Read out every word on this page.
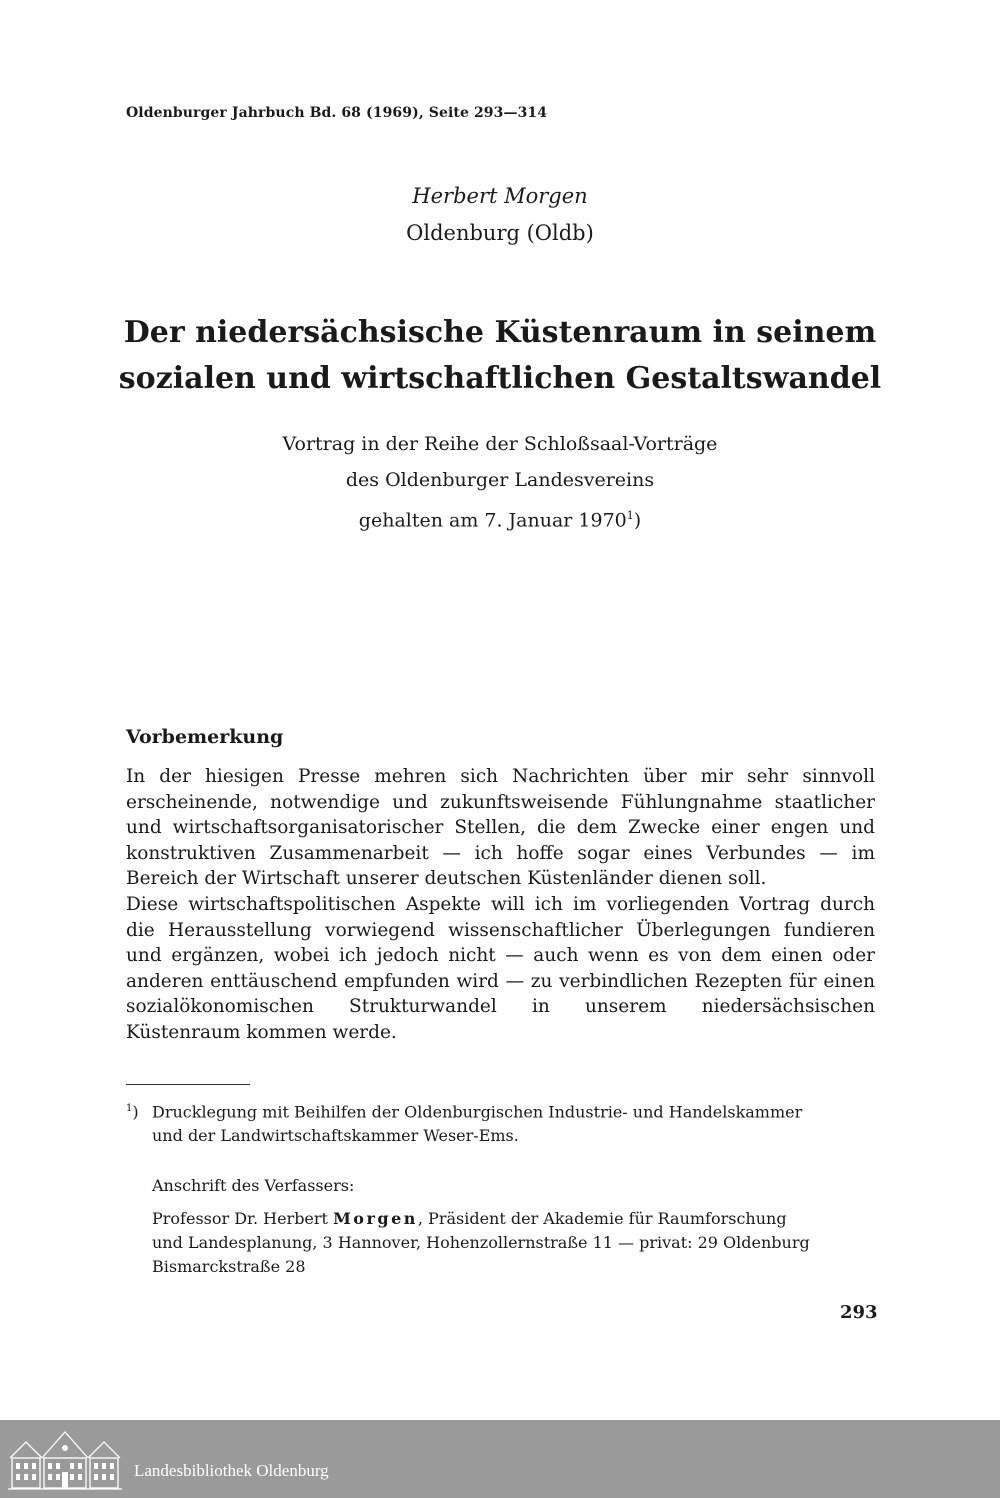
Oldenburger Jahrbuch Bd. 68 (1969), Seite 293—314
Herbert Morgen
Oldenburg (Oldb)
Der niedersächsische Küstenraum in seinem
sozialen und wirtschaftlichen Gestaltswandel
Vortrag in der Reihe der Schloßsaal-Vorträge
des Oldenburger Landesvereins
gehalten am 7. Januar 1970$^1$)
Vorbemerkung

In der hiesigen Presse mehren sich Nachrichten über mir sehr sinnvoll erscheinende, notwendige und zukunftsweisende Fühlungnahme staatlicher und wirtschaftsorganisatorischer Stellen, die dem Zwecke einer engen und konstruktiven Zusammenarbeit — ich hoffe sogar eines Verbundes — im Bereich der Wirtschaft unserer deutschen Küstenländer dienen soll.

Diese wirtschaftspolitischen Aspekte will ich im vorliegenden Vortrag durch die Herausstellung vorwiegend wissenschaftlicher Überlegungen fundieren und ergänzen, wobei ich jedoch nicht — auch wenn es von dem einen oder anderen enttäuschend empfunden wird — zu verbindlichen Rezepten für einen sozialökonomischen Strukturwandel in unserem niedersächsischen Küstenraum kommen werde.

$^1$) Drucklegung mit Beihilfen der Oldenburgischen Industrie- und Handelskammer
und der Landwirtschaftskammer Weser-Ems.
Anschrift des Verfassers:
Professor Dr. Herbert Morgen, Präsident der Akademie für Raumforschung
und Landesplanung, 3 Hannover, Hohenzollernstraße 11 — privat: 29 Oldenburg
Bismarckstraße 28
293
Landesbibliothek Oldenburg
